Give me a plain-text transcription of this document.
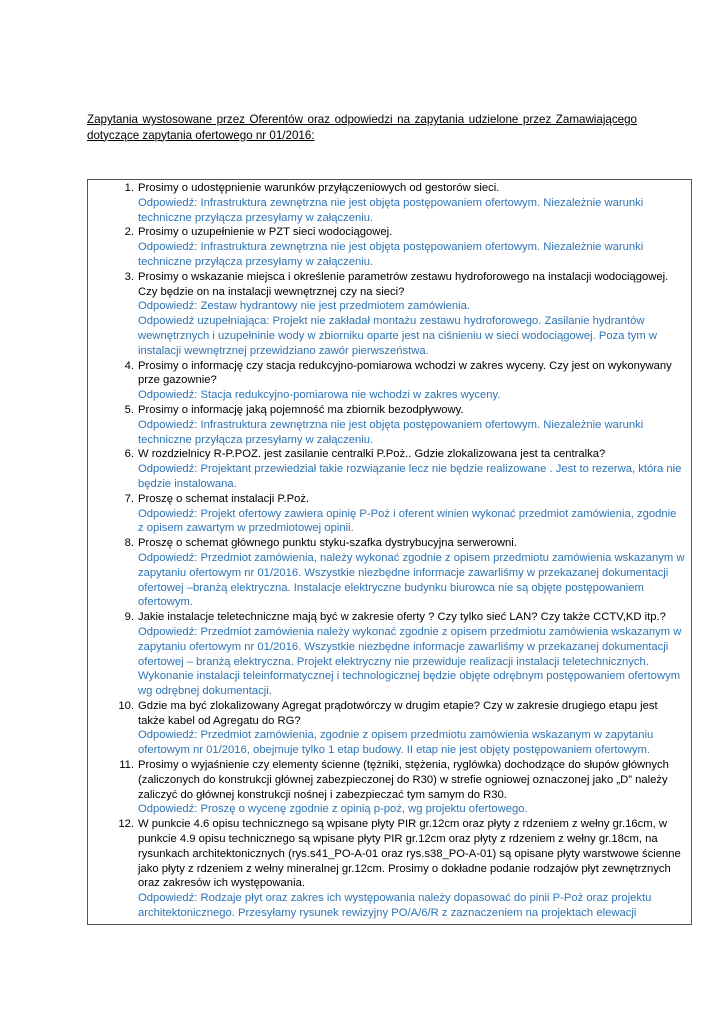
Zapytania wystosowane przez Oferentów oraz odpowiedzi na zapytania udzielone przez Zamawiającego dotyczące zapytania ofertowego nr 01/2016:
1. Prosimy o udostępnienie warunków przyłączeniowych od gestorów sieci.
Odpowiedź: Infrastruktura zewnętrzna nie jest objęta postępowaniem ofertowym. Niezależnie warunki techniczne przyłącza przesyłamy w załączeniu.
2. Prosimy o uzupełnienie w PZT sieci wodociągowej.
Odpowiedź: Infrastruktura zewnętrzna nie jest objęta postępowaniem ofertowym. Niezależnie warunki techniczne przyłącza przesyłamy w załączeniu.
3. Prosimy o wskazanie miejsca i określenie parametrów zestawu hydroforowego na instalacji wodociągowej. Czy będzie on na instalacji wewnętrznej czy na sieci?
Odpowiedź: Zestaw hydrantowy nie jest przedmiotem zamówienia.
Odpowiedź uzupełniająca: Projekt nie zakładał montażu zestawu hydroforowego. Zasilanie hydrantów wewnętrznych i uzupełninie wody w zbiorniku oparte jest na ciśnieniu w sieci wodociągowej. Poza tym w instalacji wewnętrznej przewidziano zawór pierwszeństwa.
4. Prosimy o informację czy stacja redukcyjno-pomiarowa wchodzi w zakres wyceny. Czy jest on wykonywany prze gazownie?
Odpowiedź: Stacja redukcyjno-pomiarowa nie wchodzi w zakres wyceny.
5. Prosimy o informację jaką pojemność ma zbiornik bezodpływowy.
Odpowiedź: Infrastruktura zewnętrzna nie jest objęta postępowaniem ofertowym. Niezależnie warunki techniczne przyłącza przesyłamy w załączeniu.
6. W rozdzielnicy R-P.POZ. jest zasilanie centralki P.Poż.. Gdzie zlokalizowana jest ta centralka?
Odpowiedź: Projektant przewiedział takie rozwiązanie lecz nie będzie realizowane . Jest to rezerwa, która nie będzie instalowana.
7. Proszę o schemat instalacji P.Poż.
Odpowiedź: Projekt ofertowy zawiera opinię P-Poż i oferent winien wykonać przedmiot zamówienia, zgodnie z opisem zawartym w przedmiotowej opinii.
8. Proszę o schemat głównego punktu styku-szafka dystrybucyjna serwerowni.
Odpowiedź: Przedmiot zamówienia, należy wykonać zgodnie z opisem przedmiotu zamówienia wskazanym w zapytaniu ofertowym nr 01/2016. Wszystkie niezbędne informacje zawarliśmy w przekazanej dokumentacji ofertowej –branżą elektryczna. Instalacje elektryczne budynku biurowca nie są objęte postępowaniem ofertowym.
9. Jakie instalacje teletechniczne mają być w zakresie oferty ? Czy tylko sieć LAN? Czy także CCTV,KD itp.?
Odpowiedź: Przedmiot zamówienia należy wykonać zgodnie z opisem przedmiotu zamówienia wskazanym w zapytaniu ofertowym nr 01/2016. Wszystkie niezbędne informacje zawarliśmy w przekazanej dokumentacji ofertowej – branżą elektryczna. Projekt elektryczny nie przewiduje realizacji instalacji teletechnicznych. Wykonanie instalacji teleinformatycznej i technologicznej będzie objęte odrębnym postępowaniem ofertowym wg odrębnej dokumentacji.
10. Gdzie ma być zlokalizowany Agregat prądotwórczy w drugim etapie? Czy w zakresie drugiego etapu jest także kabel od Agregatu do RG?
Odpowiedź: Przedmiot zamówienia, zgodnie z opisem przedmiotu zamówienia wskazanym w zapytaniu ofertowym nr 01/2016, obejmuje tylko 1 etap budowy. II etap nie jest objęty postępowaniem ofertowym.
11. Prosimy o wyjaśnienie czy elementy ścienne (tężniki, stężenia, ryglówka) dochodzące do słupów głównych (zaliczonych do konstrukcji głównej zabezpieczonej do R30) w strefie ogniowej oznaczonej jako „D” należy zaliczyć do głównej konstrukcji nośnej i zabezpieczać tym samym do R30.
Odpowiedź: Proszę o wycenę zgodnie z opinią p-poż, wg projektu ofertowego.
12. W punkcie 4.6 opisu technicznego są wpisane płyty PIR gr.12cm oraz płyty z rdzeniem z wełny gr.16cm, w punkcie 4.9 opisu technicznego są wpisane płyty PIR gr.12cm oraz płyty z rdzeniem z wełny gr.18cm, na rysunkach architektonicznych (rys.s41_PO-A-01 oraz rys.s38_PO-A-01) są opisane płyty warstwowe ścienne jako płyty z rdzeniem z wełny mineralnej gr.12cm. Prosimy o dokładne podanie rodzajów płyt zewnętrznych oraz zakresów ich występowania.
Odpowiedź: Rodzaje płyt oraz zakres ich występowania należy dopasować do pinii P-Poż oraz projektu architektonicznego. Przesyłamy rysunek rewizyjny PO/A/6/R z zaznaczeniem na projektach elewacji
